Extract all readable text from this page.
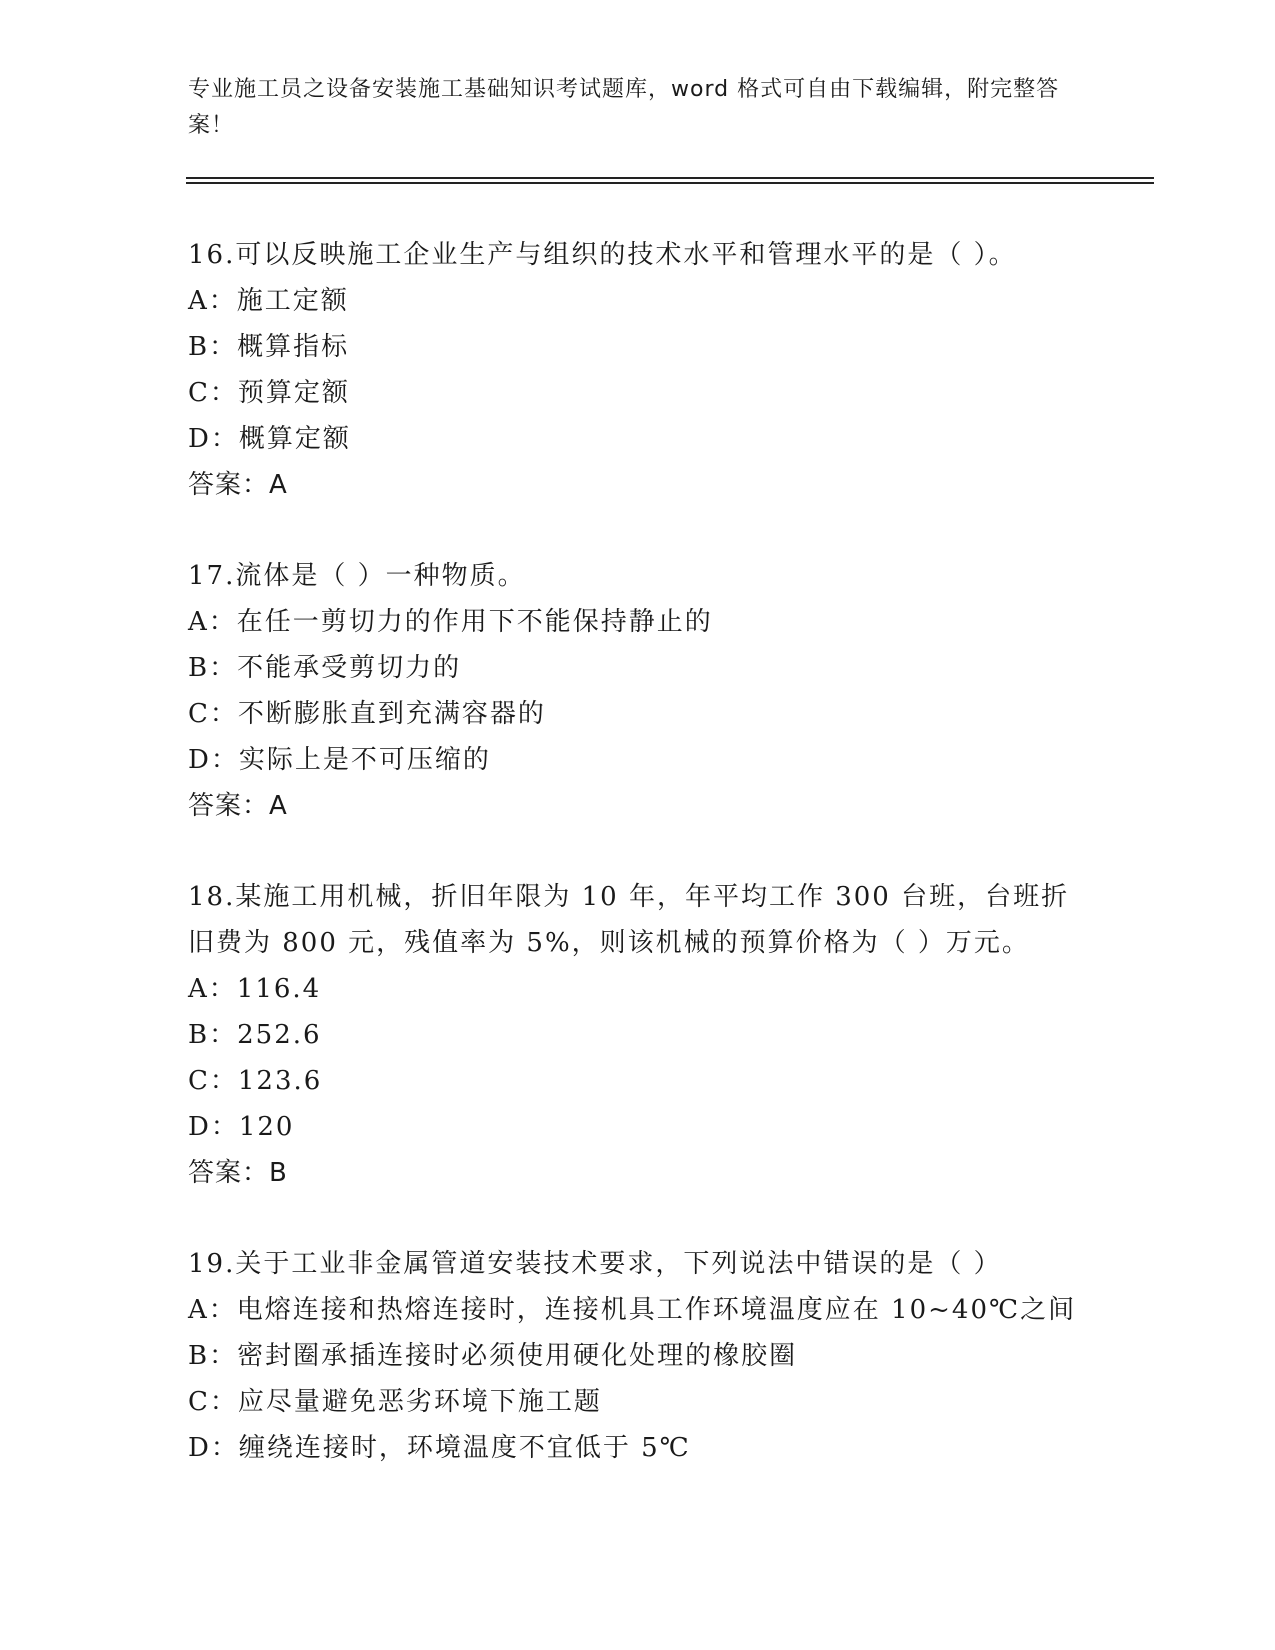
专业施工员之设备安装施工基础知识考试题库，word 格式可自由下载编辑，附完整答案！
16.可以反映施工企业生产与组织的技术水平和管理水平的是（ ）。
A：施工定额
B：概算指标
C：预算定额
D：概算定额
答案：A
17.流体是（ ）一种物质。
A：在任一剪切力的作用下不能保持静止的
B：不能承受剪切力的
C：不断膨胀直到充满容器的
D：实际上是不可压缩的
答案：A
18.某施工用机械，折旧年限为 10 年，年平均工作 300 台班，台班折
旧费为 800 元，残值率为 5%，则该机械的预算价格为（ ）万元。
A：116.4
B：252.6
C：123.6
D：120
答案：B
19.关于工业非金属管道安装技术要求，下列说法中错误的是（ ）
A：电熔连接和热熔连接时，连接机具工作环境温度应在 10~40℃之间
B：密封圈承插连接时必须使用硬化处理的橡胶圈
C：应尽量避免恶劣环境下施工题
D：缠绕连接时，环境温度不宜低于 5℃
